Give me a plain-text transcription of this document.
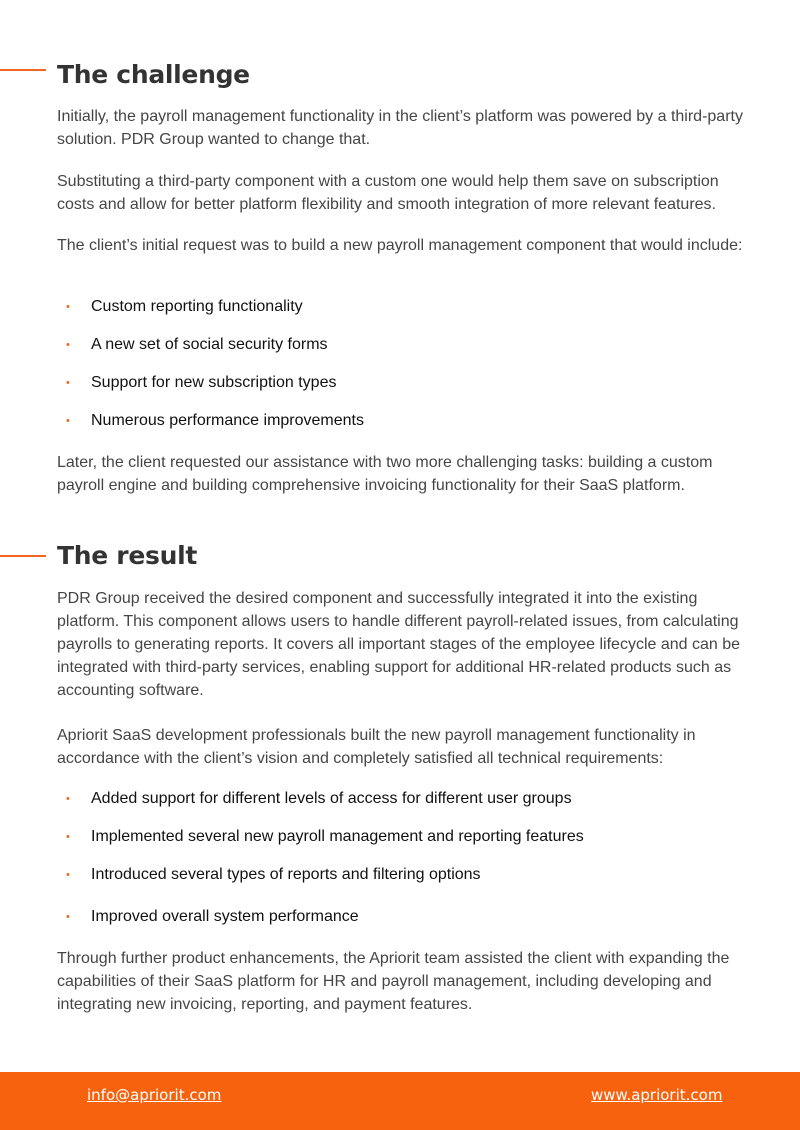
The challenge

Initially, the payroll management functionality in the client’s platform was powered by a third-party solution. PDR Group wanted to change that.

Substituting a third-party component with a custom one would help them save on subscription costs and allow for better platform flexibility and smooth integration of more relevant features.

The client’s initial request was to build a new payroll management component that would include:

• Custom reporting functionality
• A new set of social security forms
• Support for new subscription types
• Numerous performance improvements

Later, the client requested our assistance with two more challenging tasks: building a custom payroll engine and building comprehensive invoicing functionality for their SaaS platform.

The result

PDR Group received the desired component and successfully integrated it into the existing platform. This component allows users to handle different payroll-related issues, from calculating payrolls to generating reports. It covers all important stages of the employee lifecycle and can be integrated with third-party services, enabling support for additional HR-related products such as accounting software.

Apriorit SaaS development professionals built the new payroll management functionality in accordance with the client’s vision and completely satisfied all technical requirements:

• Added support for different levels of access for different user groups
• Implemented several new payroll management and reporting features
• Introduced several types of reports and filtering options
• Improved overall system performance

Through further product enhancements, the Apriorit team assisted the client with expanding the capabilities of their SaaS platform for HR and payroll management, including developing and integrating new invoicing, reporting, and payment features.

info@apriorit.com	www.apriorit.com
